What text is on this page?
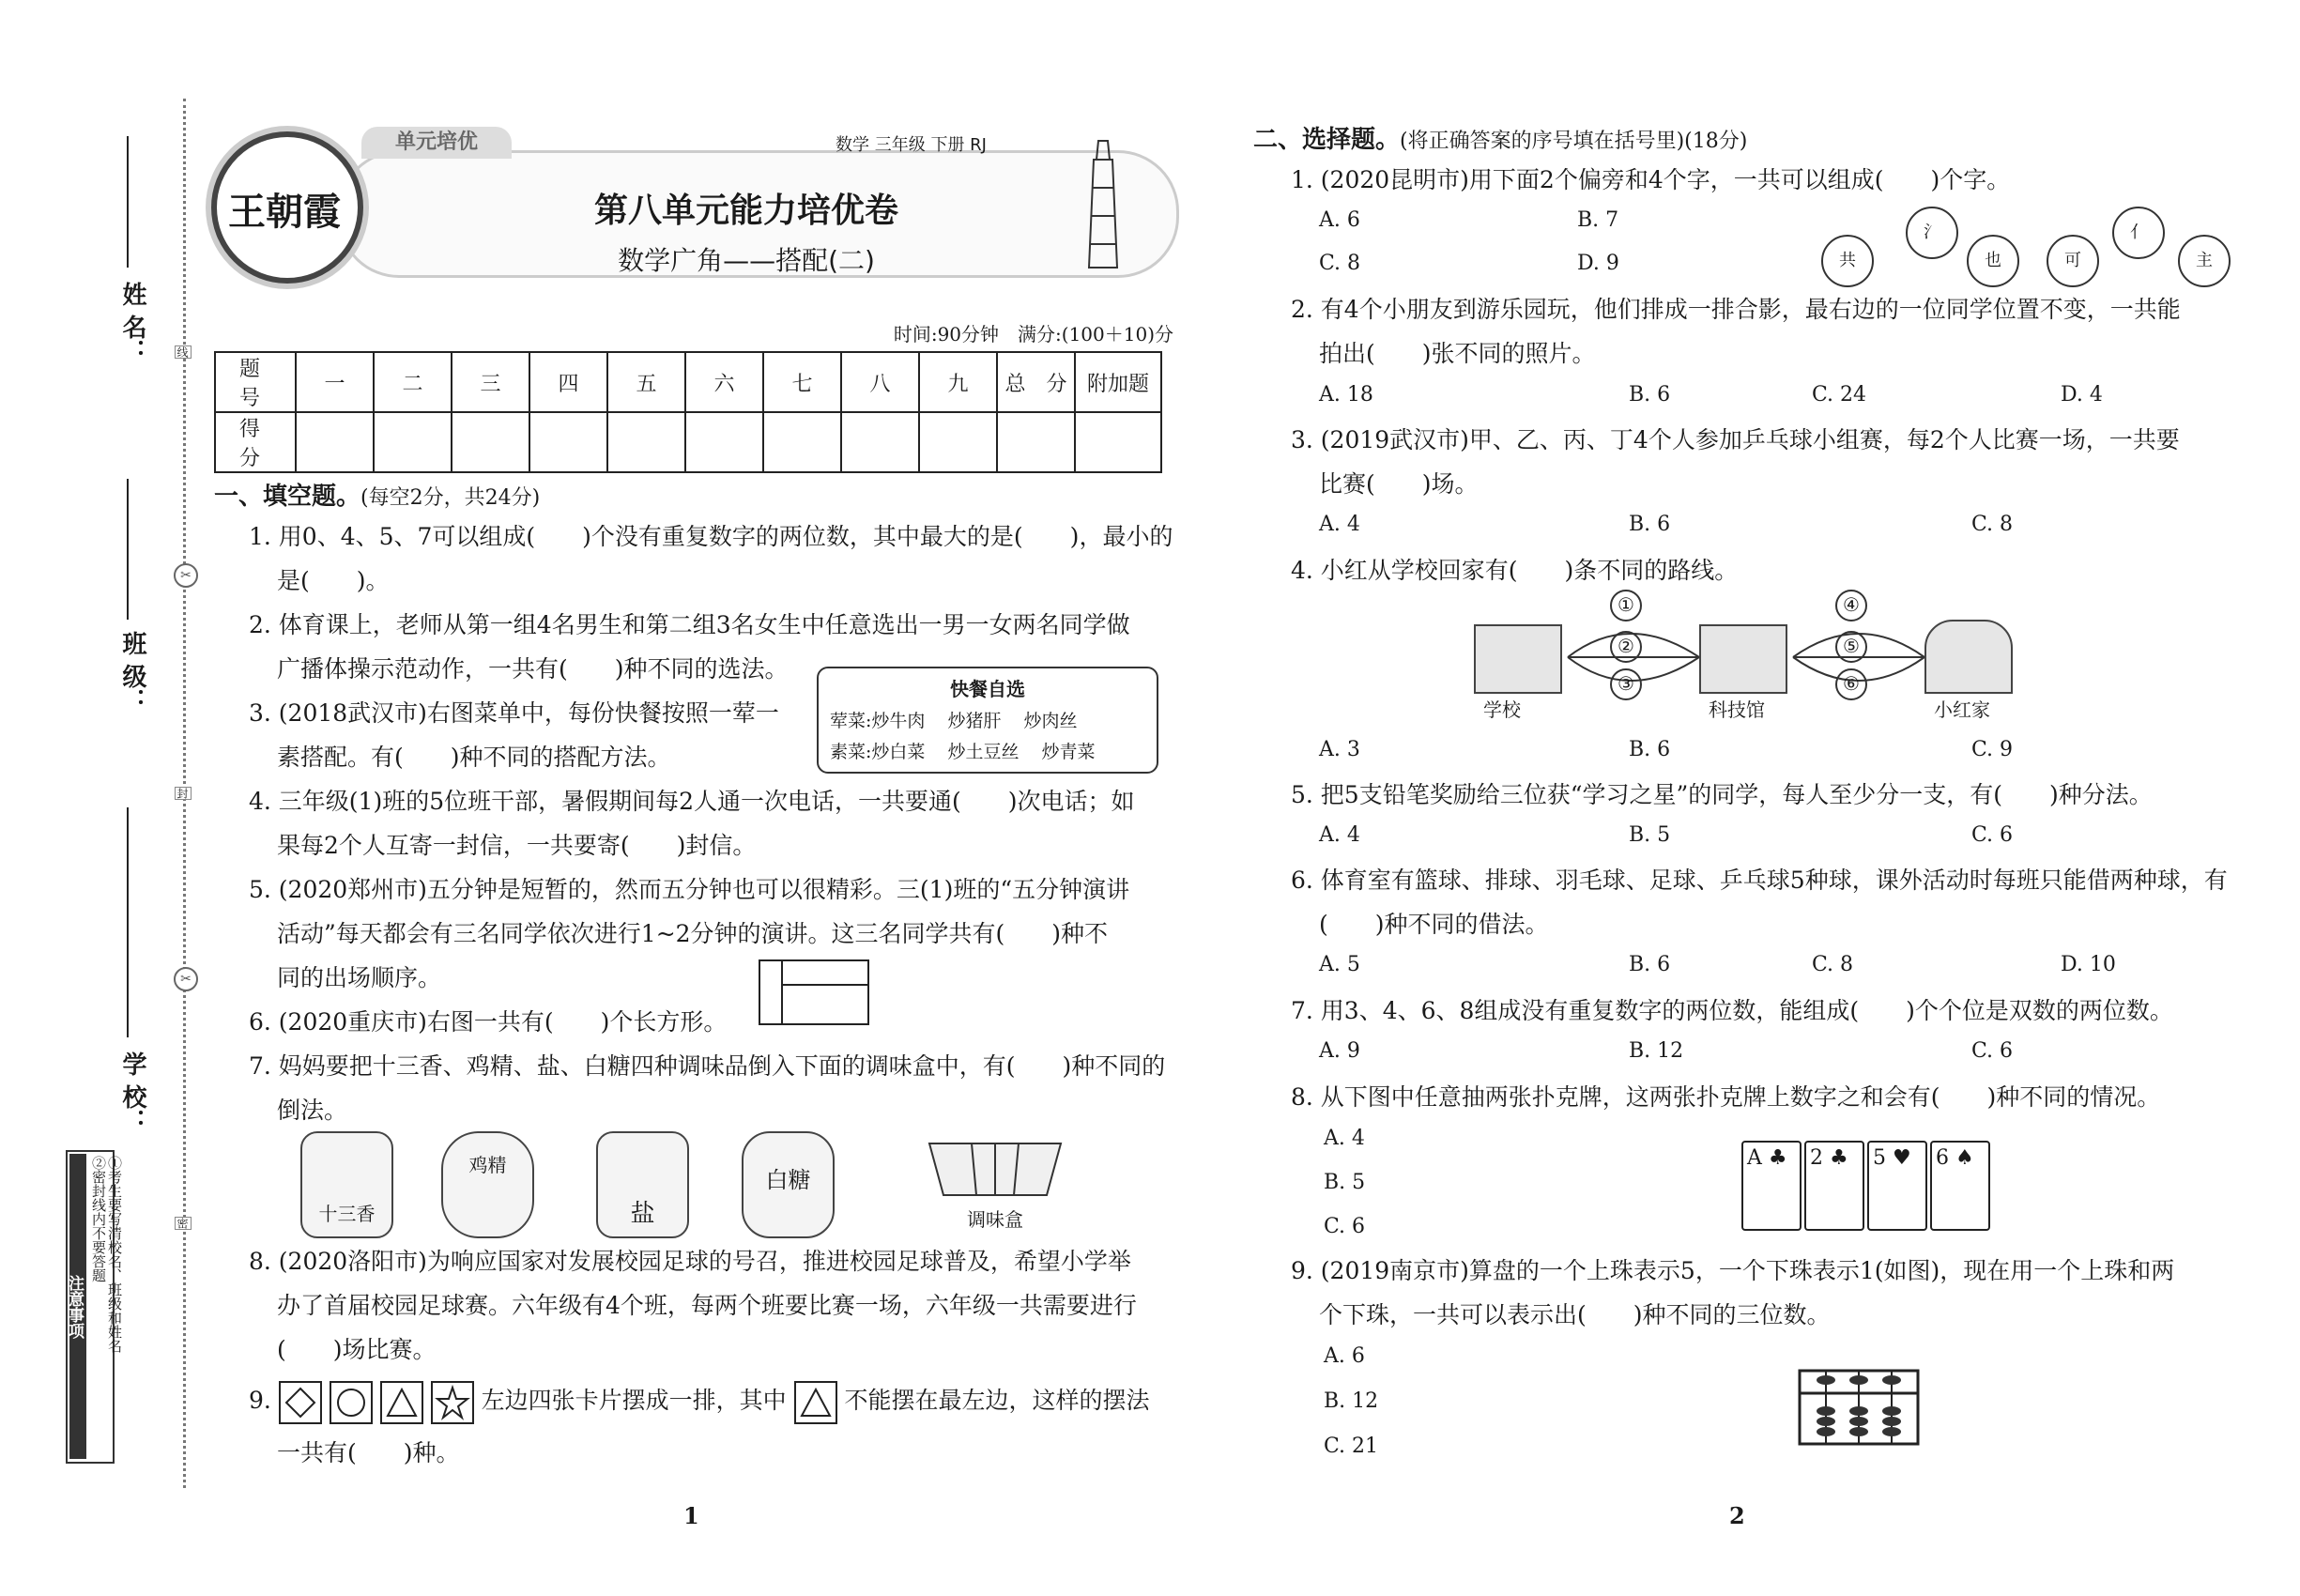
✂
✂
线
封
密
姓 名：
班 级：
学 校：
注意事项	①考生要写清校名、班级和姓名
②密封线内不要答题
单元培优
王朝霞
数学 三年级 下册 RJ
第八单元能力培优卷
数学广角——搭配(二)
时间:90分钟　满分:(100＋10)分
题　号	一	二	三	四	五	六	七	八	九	总　分	附加题
得　分											
一、填空题。(每空2分，共24分)
1. 用0、4、5、7可以组成(　　)个没有重复数字的两位数，其中最大的是(　　)，最小的
是(　　)。
2. 体育课上，老师从第一组4名男生和第二组3名女生中任意选出一男一女两名同学做
广播体操示范动作，一共有(　　)种不同的选法。
3. (2018武汉市)右图菜单中，每份快餐按照一荤一
素搭配。有(　　)种不同的搭配方法。
快餐自选
荤菜:炒牛肉 炒猪肝 炒肉丝
素菜:炒白菜 炒土豆丝 炒青菜
4. 三年级(1)班的5位班干部，暑假期间每2人通一次电话，一共要通(　　)次电话；如
果每2个人互寄一封信，一共要寄(　　)封信。
5. (2020郑州市)五分钟是短暂的，然而五分钟也可以很精彩。三(1)班的“五分钟演讲
活动”每天都会有三名同学依次进行1~2分钟的演讲。这三名同学共有(　　)种不
同的出场顺序。
6. (2020重庆市)右图一共有(　　)个长方形。
7. 妈妈要把十三香、鸡精、盐、白糖四种调味品倒入下面的调味盒中，有(　　)种不同的
倒法。
十三香
鸡精
盐
白糖
调味盒
8. (2020洛阳市)为响应国家对发展校园足球的号召，推进校园足球普及，希望小学举
办了首届校园足球赛。六年级有4个班，每两个班要比赛一场，六年级一共需要进行
(　　)场比赛。
9.	左边四张卡片摆成一排，其中 不能摆在最左边，这样的摆法
一共有(　　)种。
1
二、选择题。(将正确答案的序号填在括号里)(18分)
1. (2020昆明市)用下面2个偏旁和4个字，一共可以组成(　　)个字。
A. 6	B. 7
C. 8	D. 9	共
氵
也	可
亻
主
2. 有4个小朋友到游乐园玩，他们排成一排合影，最右边的一位同学位置不变，一共能
拍出(　　)张不同的照片。
A. 18	B. 6	C. 24	D. 4
3. (2019武汉市)甲、乙、丙、丁4个人参加乒乓球小组赛，每2个人比赛一场，一共要
比赛(　　)场。
A. 4	B. 6	C. 8
4. 小红从学校回家有(　　)条不同的路线。
①
②
③
④
⑤
⑥
学校	科技馆	小红家
A. 3	B. 6	C. 9
5. 把5支铅笔奖励给三位获“学习之星”的同学，每人至少分一支，有(　　)种分法。
A. 4	B. 5	C. 6
6. 体育室有篮球、排球、羽毛球、足球、乒乓球5种球，课外活动时每班只能借两种球，有
(　　)种不同的借法。
A. 5	B. 6	C. 8	D. 10
7. 用3、4、6、8组成没有重复数字的两位数，能组成(　　)个个位是双数的两位数。
A. 9	B. 12	C. 6
8. 从下图中任意抽两张扑克牌，这两张扑克牌上数字之和会有(　　)种不同的情况。
A. 4
B. 5
C. 6
A ♣	2 ♣	5 ♥	6 ♠
9. (2019南京市)算盘的一个上珠表示5，一个下珠表示1(如图)，现在用一个上珠和两
个下珠，一共可以表示出(　　)种不同的三位数。
A. 6
B. 12
C. 21
2
